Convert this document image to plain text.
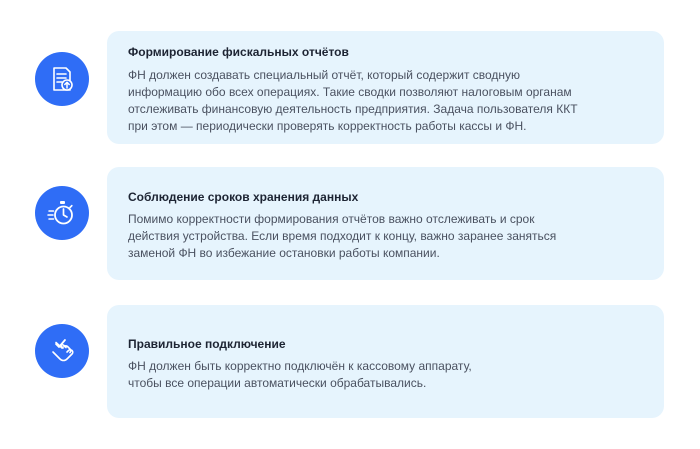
Формирование фискальных отчётов

ФН должен создавать специальный отчёт, который содержит сводную

информацию обо всех операциях. Такие сводки позволяют налоговым органам

отслеживать финансовую деятельность предприятия. Задача пользователя ККТ

при этом — периодически проверять корректность работы кассы и ФН.

Соблюдение сроков хранения данных

Помимо корректности формирования отчётов важно отслеживать и срок

действия устройства. Если время подходит к концу, важно заранее заняться

заменой ФН во избежание остановки работы компании.

Правильное подключение

ФН должен быть корректно подключён к кассовому аппарату,

чтобы все операции автоматически обрабатывались.
